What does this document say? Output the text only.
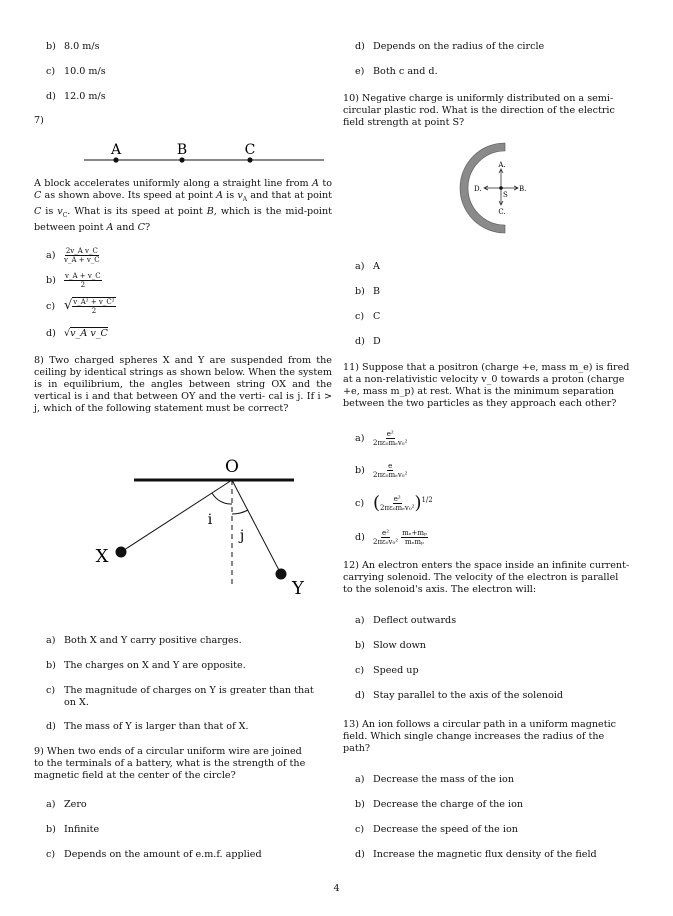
b) 8.0 m/s
c) 10.0 m/s
d) 12.0 m/s
7)
A	B	C
A block accelerates uniformly along a straight line from A to C as shown above. Its speed at point A is $v_A$ and that at point C is $v_C$. What is its speed at point B, which is the mid-point between point A and C?
$a) \frac{\text{2v\_A v\_C}}{v\_A + v\_C}$
$b) \frac{v\_A + v\_C}{2}$
c) √ $\frac{\text{v\_A² + v\_C²}}{2}$
d) √v_A v_C
8) Two charged spheres X and Y are suspended from the ceiling by identical strings as shown below. When the system is in equilibrium, the angles between string OX and the vertical is i and that between OY and the verti- cal is j. If i > j, which of the following statement must be correct?
O
i
j
X
Y
a) Both X and Y carry positive charges.
b) The charges on X and Y are opposite.
c) The magnitude of charges on Y is greater than that
on X.
d) The mass of Y is larger than that of X.
9) When two ends of a circular uniform wire are joined
to the terminals of a battery, what is the strength of the
magnetic field at the center of the circle?
a) Zero
b) Infinite
c) Depends on the amount of e.m.f. applied
d) Depends on the radius of the circle
e) Both c and d.
10) Negative charge is uniformly distributed on a semi-
circular plastic rod. What is the direction of the electric
field strength at point S?
A.
B.
C.
D.
S
a) A
b) B
c) C
d) D
11) Suppose that a positron (charge +e, mass m_e) is fired
at a non-relativistic velocity v_0 towards a proton (charge
+e, mass m_p) at rest. What is the minimum separation
between the two particles as they approach each other?
$a) \frac{\text{e²}}{\text{2πε₀mₑv₀²}}$
$b) \frac{e}{\text{2πε₀mₑv₀²}}$
c) ( $\frac{\text{e²}}{\text{2πε₀mₑv₀²}} )^{1/2}$
$d) \frac{\text{e²}}{\text{2πε₀v₀²}}$
$\frac{\text{mₑ+mₚ}}{\text{mₑmₚ}}$
12) An electron enters the space inside an infinite current-
carrying solenoid. The velocity of the electron is parallel
to the solenoid's axis. The electron will:
a) Deflect outwards
b) Slow down
c) Speed up
d) Stay parallel to the axis of the solenoid
13) An ion follows a circular path in a uniform magnetic
field. Which single change increases the radius of the
path?
a) Decrease the mass of the ion
b) Decrease the charge of the ion
c) Decrease the speed of the ion
d) Increase the magnetic flux density of the field
4
